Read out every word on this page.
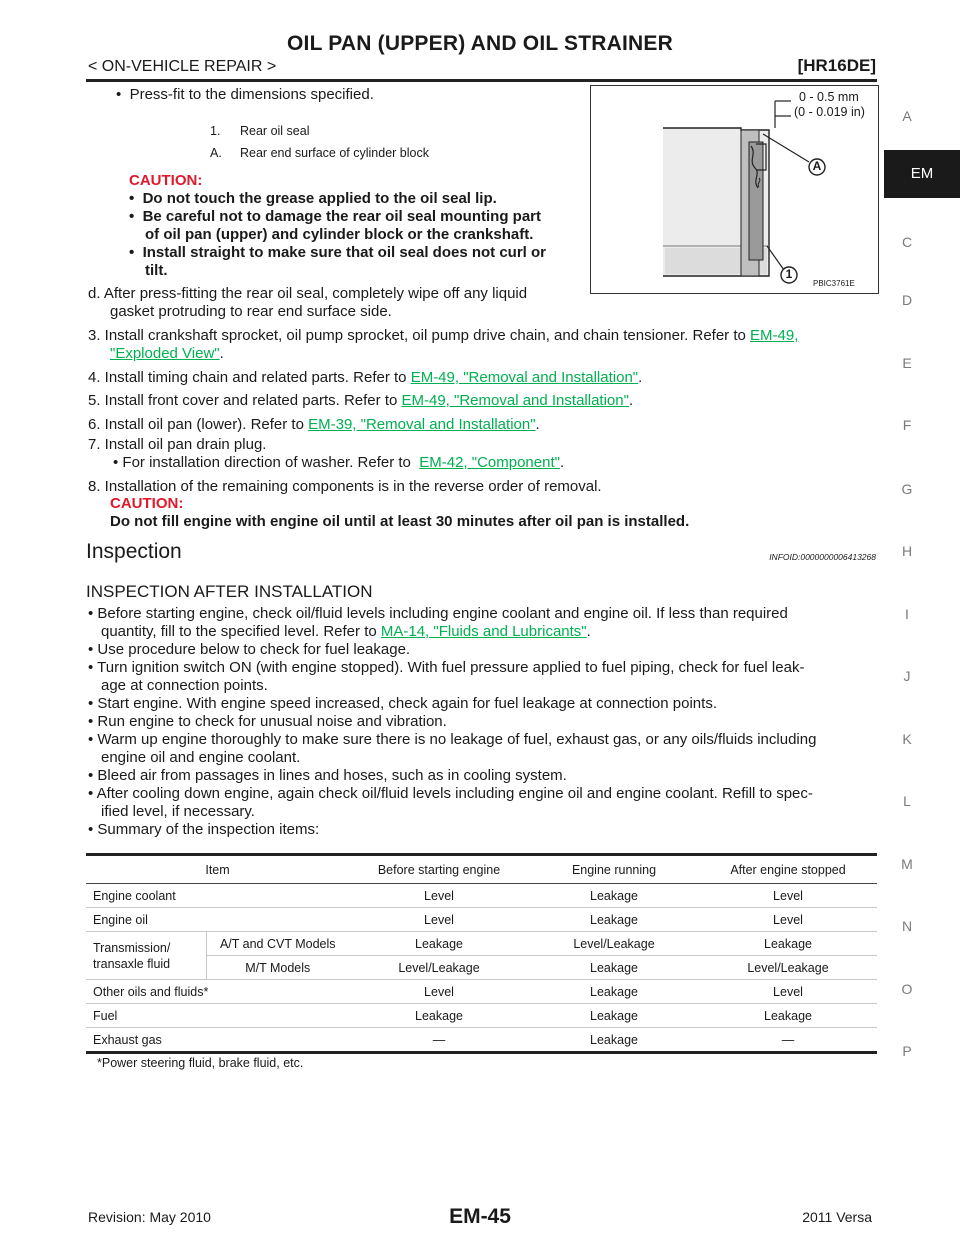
OIL PAN (UPPER) AND OIL STRAINER
< ON-VEHICLE REPAIR >	[HR16DE]
A
EM
C
D
E
F
G
H
I
J
K
L
M
N
O
P
•  Press-fit to the dimensions specified.
1. Rear oil seal
A. Rear end surface of cylinder block
CAUTION:
•  Do not touch the grease applied to the oil seal lip.
•  Be careful not to damage the rear oil seal mounting part
of oil pan (upper) and cylinder block or the crankshaft.
•  Install straight to make sure that oil seal does not curl or
tilt.
d. After press-fitting the rear oil seal, completely wipe off any liquid
gasket protruding to rear end surface side.
0 - 0.5 mm
(0 - 0.019 in)
A
1
PBIC3761E
3. Install crankshaft sprocket, oil pump sprocket, oil pump drive chain, and chain tensioner. Refer to EM-49,
"Exploded View".
4. Install timing chain and related parts. Refer to EM-49, "Removal and Installation".
5. Install front cover and related parts. Refer to EM-49, "Removal and Installation".
6. Install oil pan (lower). Refer to EM-39, "Removal and Installation".
7. Install oil pan drain plug.
• For installation direction of washer. Refer to EM-42, "Component".
8. Installation of the remaining components is in the reverse order of removal.
CAUTION:
Do not fill engine with engine oil until at least 30 minutes after oil pan is installed.
Inspection	INFOID:0000000006413268
INSPECTION AFTER INSTALLATION
• Before starting engine, check oil/fluid levels including engine coolant and engine oil. If less than required
quantity, fill to the specified level. Refer to MA-14, "Fluids and Lubricants".
• Use procedure below to check for fuel leakage.
• Turn ignition switch ON (with engine stopped). With fuel pressure applied to fuel piping, check for fuel leak-
age at connection points.
• Start engine. With engine speed increased, check again for fuel leakage at connection points.
• Run engine to check for unusual noise and vibration.
• Warm up engine thoroughly to make sure there is no leakage of fuel, exhaust gas, or any oils/fluids including
engine oil and engine coolant.
• Bleed air from passages in lines and hoses, such as in cooling system.
• After cooling down engine, again check oil/fluid levels including engine oil and engine coolant. Refill to spec-
ified level, if necessary.
• Summary of the inspection items:
Item		Before starting engine	Engine running	After engine stopped
Engine coolant		Level	Leakage	Level
Engine oil		Level	Leakage	Level
Transmission/
transaxle fluid	A/T and CVT Models	Leakage	Level/Leakage	Leakage
	M/T Models	Level/Leakage	Leakage	Level/Leakage
Other oils and fluids*		Level	Leakage	Level
Fuel		Leakage	Leakage	Leakage
Exhaust gas		—	Leakage	—
*Power steering fluid, brake fluid, etc.
Revision: May 2010	EM-45	2011 Versa
